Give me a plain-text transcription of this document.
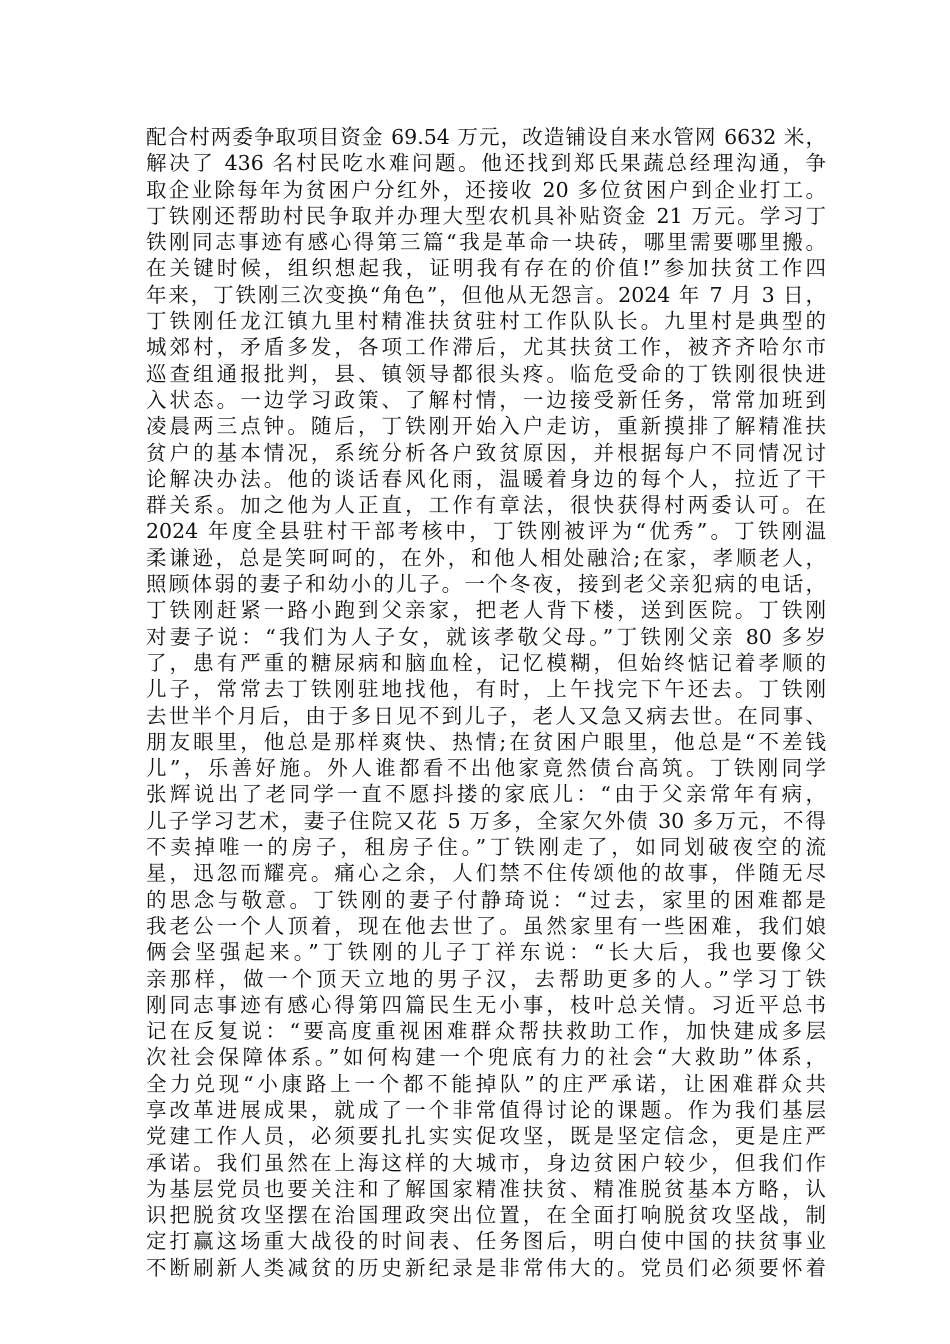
配合村两委争取项目资金 69.54 万元，改造铺设自来水管网 6632 米，
解决了 436 名村民吃水难问题。他还找到郑氏果蔬总经理沟通，争
取企业除每年为贫困户分红外，还接收 20 多位贫困户到企业打工。
丁铁刚还帮助村民争取并办理大型农机具补贴资金 21 万元。学习丁
铁刚同志事迹有感心得第三篇“我是革命一块砖，哪里需要哪里搬。
在关键时候，组织想起我，证明我有存在的价值!”参加扶贫工作四
年来，丁铁刚三次变换“角色”，但他从无怨言。2024 年 7 月 3 日，
丁铁刚任龙江镇九里村精准扶贫驻村工作队队长。九里村是典型的
城郊村，矛盾多发，各项工作滞后，尤其扶贫工作，被齐齐哈尔市
巡查组通报批判，县、镇领导都很头疼。临危受命的丁铁刚很快进
入状态。一边学习政策、了解村情，一边接受新任务，常常加班到
凌晨两三点钟。随后，丁铁刚开始入户走访，重新摸排了解精准扶
贫户的基本情况，系统分析各户致贫原因，并根据每户不同情况讨
论解决办法。他的谈话春风化雨，温暖着身边的每个人，拉近了干
群关系。加之他为人正直，工作有章法，很快获得村两委认可。在
2024 年度全县驻村干部考核中，丁铁刚被评为“优秀”。丁铁刚温
柔谦逊，总是笑呵呵的，在外，和他人相处融洽;在家，孝顺老人，
照顾体弱的妻子和幼小的儿子。一个冬夜，接到老父亲犯病的电话，
丁铁刚赶紧一路小跑到父亲家，把老人背下楼，送到医院。丁铁刚
对妻子说：“我们为人子女，就该孝敬父母。”丁铁刚父亲 80 多岁
了，患有严重的糖尿病和脑血栓，记忆模糊，但始终惦记着孝顺的
儿子，常常去丁铁刚驻地找他，有时，上午找完下午还去。丁铁刚
去世半个月后，由于多日见不到儿子，老人又急又病去世。在同事、
朋友眼里，他总是那样爽快、热情;在贫困户眼里，他总是“不差钱
儿”，乐善好施。外人谁都看不出他家竟然债台高筑。丁铁刚同学
张辉说出了老同学一直不愿抖搂的家底儿：“由于父亲常年有病，
儿子学习艺术，妻子住院又花 5 万多，全家欠外债 30 多万元，不得
不卖掉唯一的房子，租房子住。”丁铁刚走了，如同划破夜空的流
星，迅忽而耀亮。痛心之余，人们禁不住传颂他的故事，伴随无尽
的思念与敬意。丁铁刚的妻子付静琦说：“过去，家里的困难都是
我老公一个人顶着，现在他去世了。虽然家里有一些困难，我们娘
俩会坚强起来。”丁铁刚的儿子丁祥东说：“长大后，我也要像父
亲那样，做一个顶天立地的男子汉，去帮助更多的人。”学习丁铁
刚同志事迹有感心得第四篇民生无小事，枝叶总关情。习近平总书
记在反复说：“要高度重视困难群众帮扶救助工作，加快建成多层
次社会保障体系。”如何构建一个兜底有力的社会“大救助”体系，
全力兑现“小康路上一个都不能掉队”的庄严承诺，让困难群众共
享改革进展成果，就成了一个非常值得讨论的课题。作为我们基层
党建工作人员，必须要扎扎实实促攻坚，既是坚定信念，更是庄严
承诺。我们虽然在上海这样的大城市，身边贫困户较少，但我们作
为基层党员也要关注和了解国家精准扶贫、精准脱贫基本方略，认
识把脱贫攻坚摆在治国理政突出位置，在全面打响脱贫攻坚战，制
定打赢这场重大战役的时间表、任务图后，明白使中国的扶贫事业
不断刷新人类减贫的历史新纪录是非常伟大的。党员们必须要怀着
